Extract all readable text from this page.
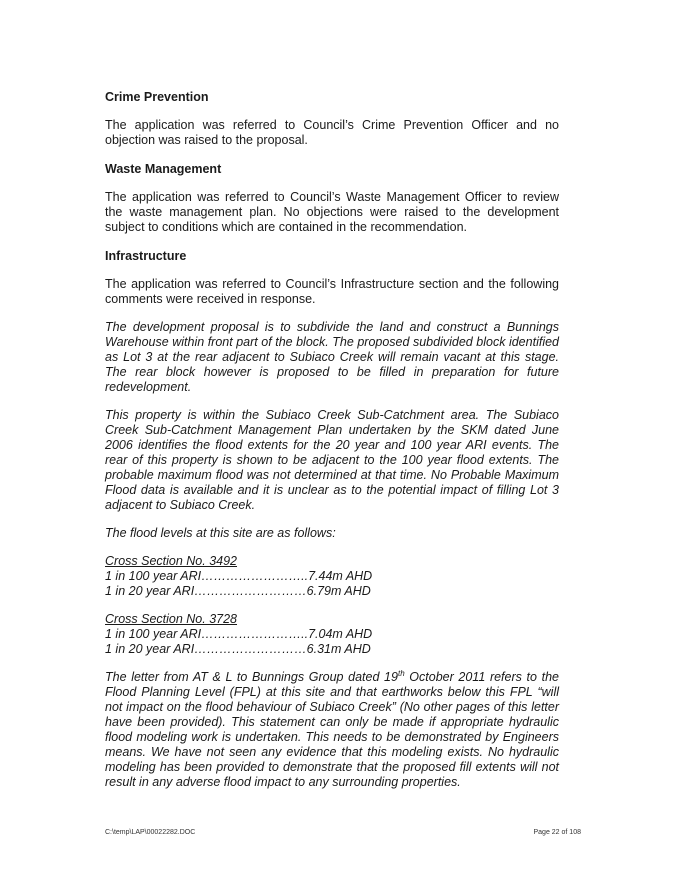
Crime Prevention

The application was referred to Council’s Crime Prevention Officer and no objection was raised to the proposal.

Waste Management

The application was referred to Council’s Waste Management Officer to review the waste management plan. No objections were raised to the development subject to conditions which are contained in the recommendation.

Infrastructure

The application was referred to Council’s Infrastructure section and the following comments were received in response.

The development proposal is to subdivide the land and construct a Bunnings Warehouse within front part of the block. The proposed subdivided block identified as Lot 3 at the rear adjacent to Subiaco Creek will remain vacant at this stage. The rear block however is proposed to be filled in preparation for future redevelopment.

This property is within the Subiaco Creek Sub-Catchment area. The Subiaco Creek Sub-Catchment Management Plan undertaken by the SKM dated June 2006 identifies the flood extents for the 20 year and 100 year ARI events. The rear of this property is shown to be adjacent to the 100 year flood extents. The probable maximum flood was not determined at that time. No Probable Maximum Flood data is available and it is unclear as to the potential impact of filling Lot 3 adjacent to Subiaco Creek.

The flood levels at this site are as follows:

Cross Section No. 3492
1 in 100 year ARI……………………..7.44m AHD
1 in 20 year ARI………………………6.79m AHD
Cross Section No. 3728
1 in 100 year ARI……………………..7.04m AHD
1 in 20 year ARI………………………6.31m AHD

The letter from AT & L to Bunnings Group dated 19th October 2011 refers to the Flood Planning Level (FPL) at this site and that earthworks below this FPL “will not impact on the flood behaviour of Subiaco Creek” (No other pages of this letter have been provided). This statement can only be made if appropriate hydraulic flood modeling work is undertaken. This needs to be demonstrated by Engineers means. We have not seen any evidence that this modeling exists. No hydraulic modeling has been provided to demonstrate that the proposed fill extents will not result in any adverse flood impact to any surrounding properties.

C:\temp\LAP\00022282.DOC	Page 22 of 108
